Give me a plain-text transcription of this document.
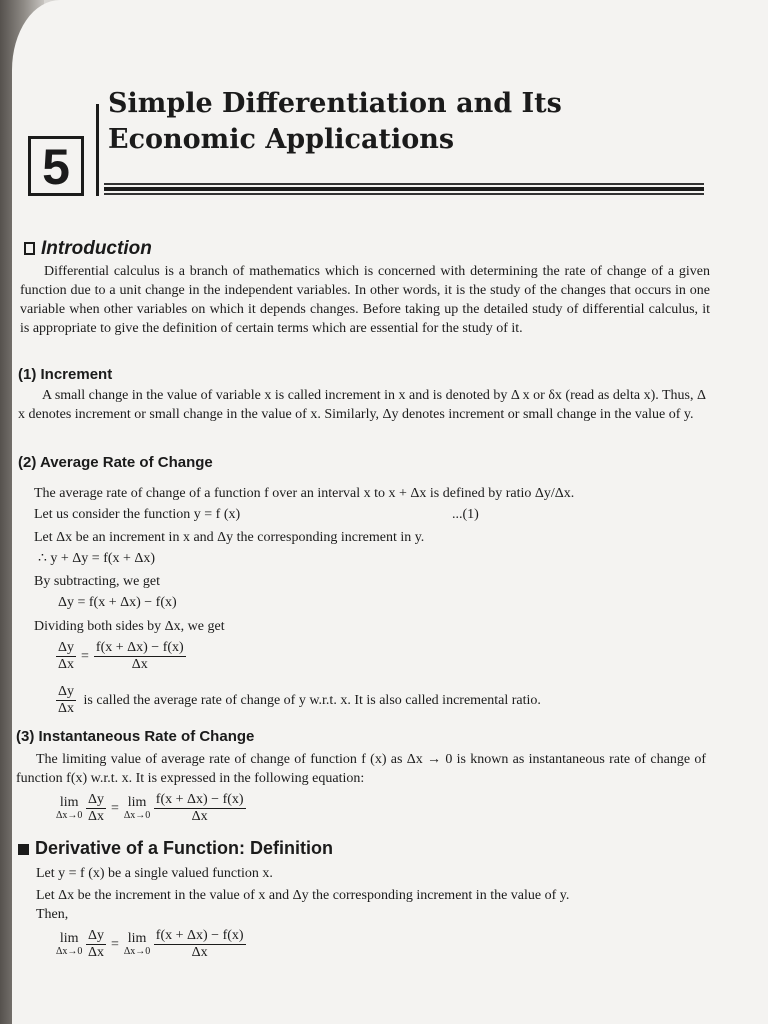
5
Simple Differentiation and Its
Economic Applications
Introduction
Differential calculus is a branch of mathematics which is concerned with determining the rate of change of a given function due to a unit change in the independent variables. In other words, it is the study of the changes that occurs in one variable when other variables on which it depends changes. Before taking up the detailed study of differential calculus, it is appropriate to give the definition of certain terms which are essential for the study of it.
(1) Increment
A small change in the value of variable x is called increment in x and is denoted by Δ x or δx (read as delta x). Thus, Δ x denotes increment or small change in the value of x. Similarly, Δy denotes increment or small change in the value of y.
(2) Average Rate of Change
The average rate of change of a function f over an interval x to x + Δx is defined by ratio Δy/Δx.
Let us consider the function y = f (x)	...(1)
Let Δx be an increment in x and Δy the corresponding increment in y.
∴ y + Δy = f(x + Δx)
By subtracting, we get
Δy = f(x + Δx) − f(x)
Dividing both sides by Δx, we get
$\frac{\Delta y}{\Delta x} = \frac{f(x + \Delta x) - f(x)}{\Delta x}$
$\frac{\Delta y}{\Delta x}$ is called the average rate of change of y w.r.t. x. It is also called incremental ratio.
(3) Instantaneous Rate of Change
The limiting value of average rate of change of function f (x) as Δx → 0 is known as instantaneous rate of change of function f(x) w.r.t. x. It is expressed in the following equation:
lim
Δx→0
$\frac{\Delta y}{\Delta x} = \lim$
Δx→0
$\frac{f(x + \Delta x) - f(x)}{\Delta x}$
Derivative of a Function: Definition
Let y = f (x) be a single valued function x.
Let Δx be the increment in the value of x and Δy the corresponding increment in the value of y.
Then,
lim
Δx→0
$\frac{\Delta y}{\Delta x} = \lim$
Δx→0
$\frac{f(x + \Delta x) - f(x)}{\Delta x}$
